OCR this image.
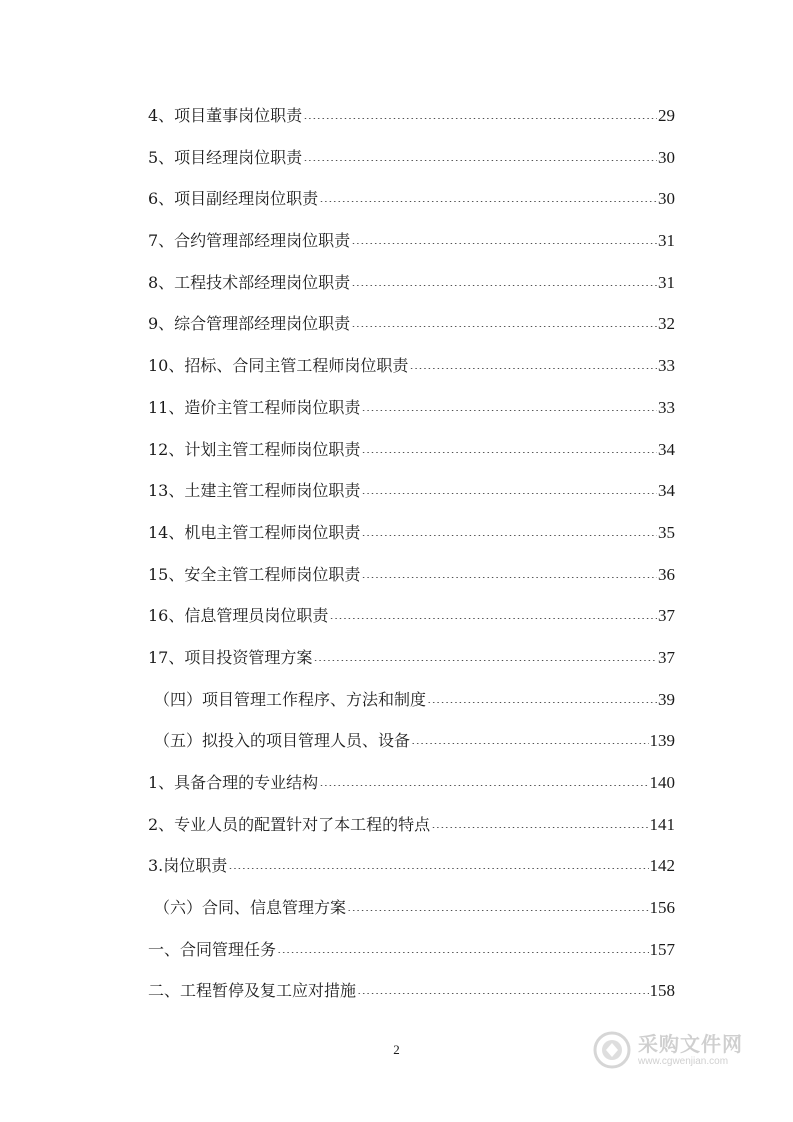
4、项目董事岗位职责 .....	29
5、项目经理岗位职责 .....	30
6、项目副经理岗位职责 .....	30
7、合约管理部经理岗位职责 .....	31
8、工程技术部经理岗位职责 .....	31
9、综合管理部经理岗位职责 .....	32
10、招标、合同主管工程师岗位职责 .....	33
11、造价主管工程师岗位职责 .....	33
12、计划主管工程师岗位职责 .....	34
13、土建主管工程师岗位职责 .....	34
14、机电主管工程师岗位职责 .....	35
15、安全主管工程师岗位职责 .....	36
16、信息管理员岗位职责 .....	37
17、项目投资管理方案 .....	37
（四）项目管理工作程序、方法和制度 .....	39
（五）拟投入的项目管理人员、设备 .....	139
1、具备合理的专业结构 .....	140
2、专业人员的配置针对了本工程的特点 .....	141
3.岗位职责 .....	142
（六）合同、信息管理方案 .....	156
一、合同管理任务 .....	157
二、工程暂停及复工应对措施 .....	158
2	采购文件网
www.cgwenjian.com
